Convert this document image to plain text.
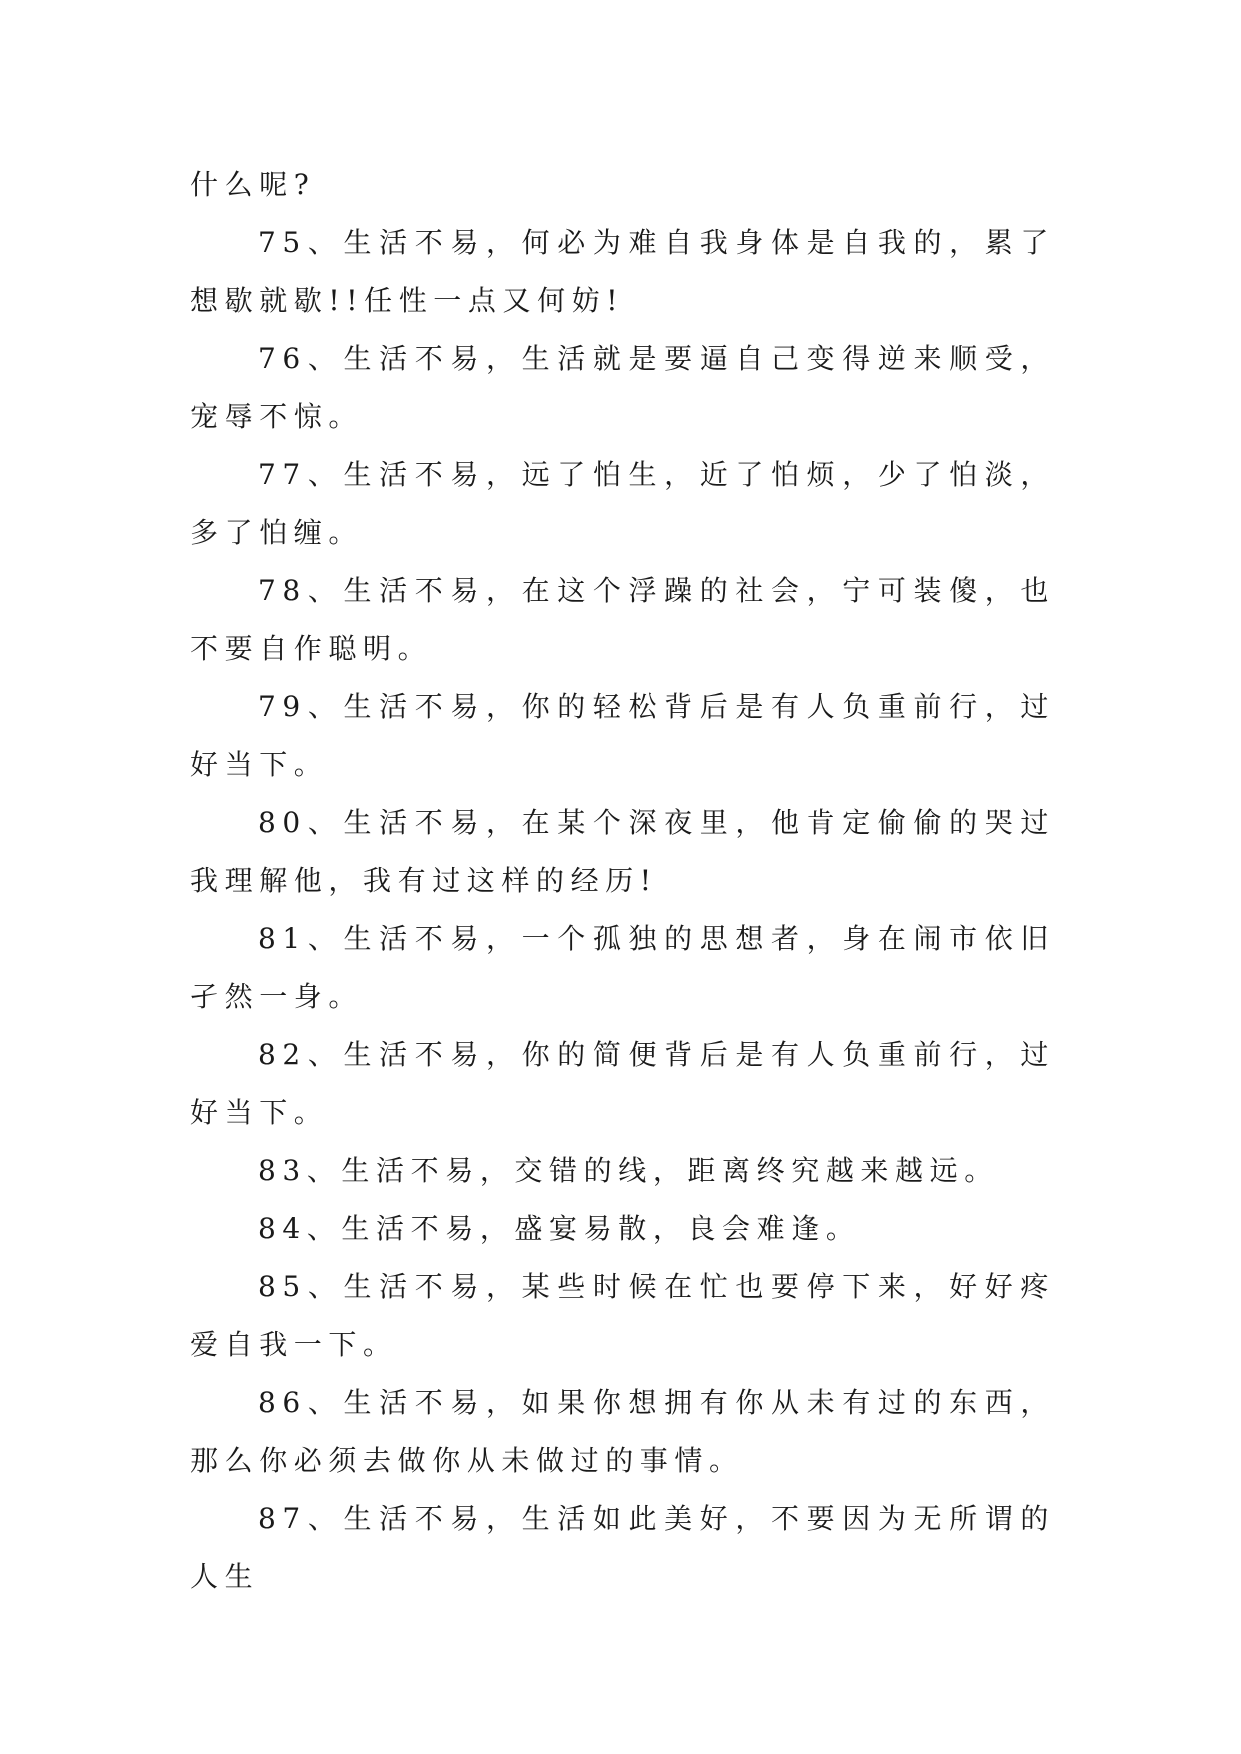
什么呢?

75、生活不易，何必为难自我身体是自我的，累了想歇就歇!!任性一点又何妨!

76、生活不易，生活就是要逼自己变得逆来顺受，宠辱不惊。

77、生活不易，远了怕生，近了怕烦，少了怕淡，多了怕缠。

78、生活不易，在这个浮躁的社会，宁可装傻，也不要自作聪明。

79、生活不易，你的轻松背后是有人负重前行，过好当下。

80、生活不易，在某个深夜里，他肯定偷偷的哭过我理解他，我有过这样的经历!

81、生活不易，一个孤独的思想者，身在闹市依旧孑然一身。

82、生活不易，你的简便背后是有人负重前行，过好当下。

83、生活不易，交错的线，距离终究越来越远。

84、生活不易，盛宴易散，良会难逢。

85、生活不易，某些时候在忙也要停下来，好好疼爱自我一下。

86、生活不易，如果你想拥有你从未有过的东西，那么你必须去做你从未做过的事情。

87、生活不易，生活如此美好，不要因为无所谓的人生
